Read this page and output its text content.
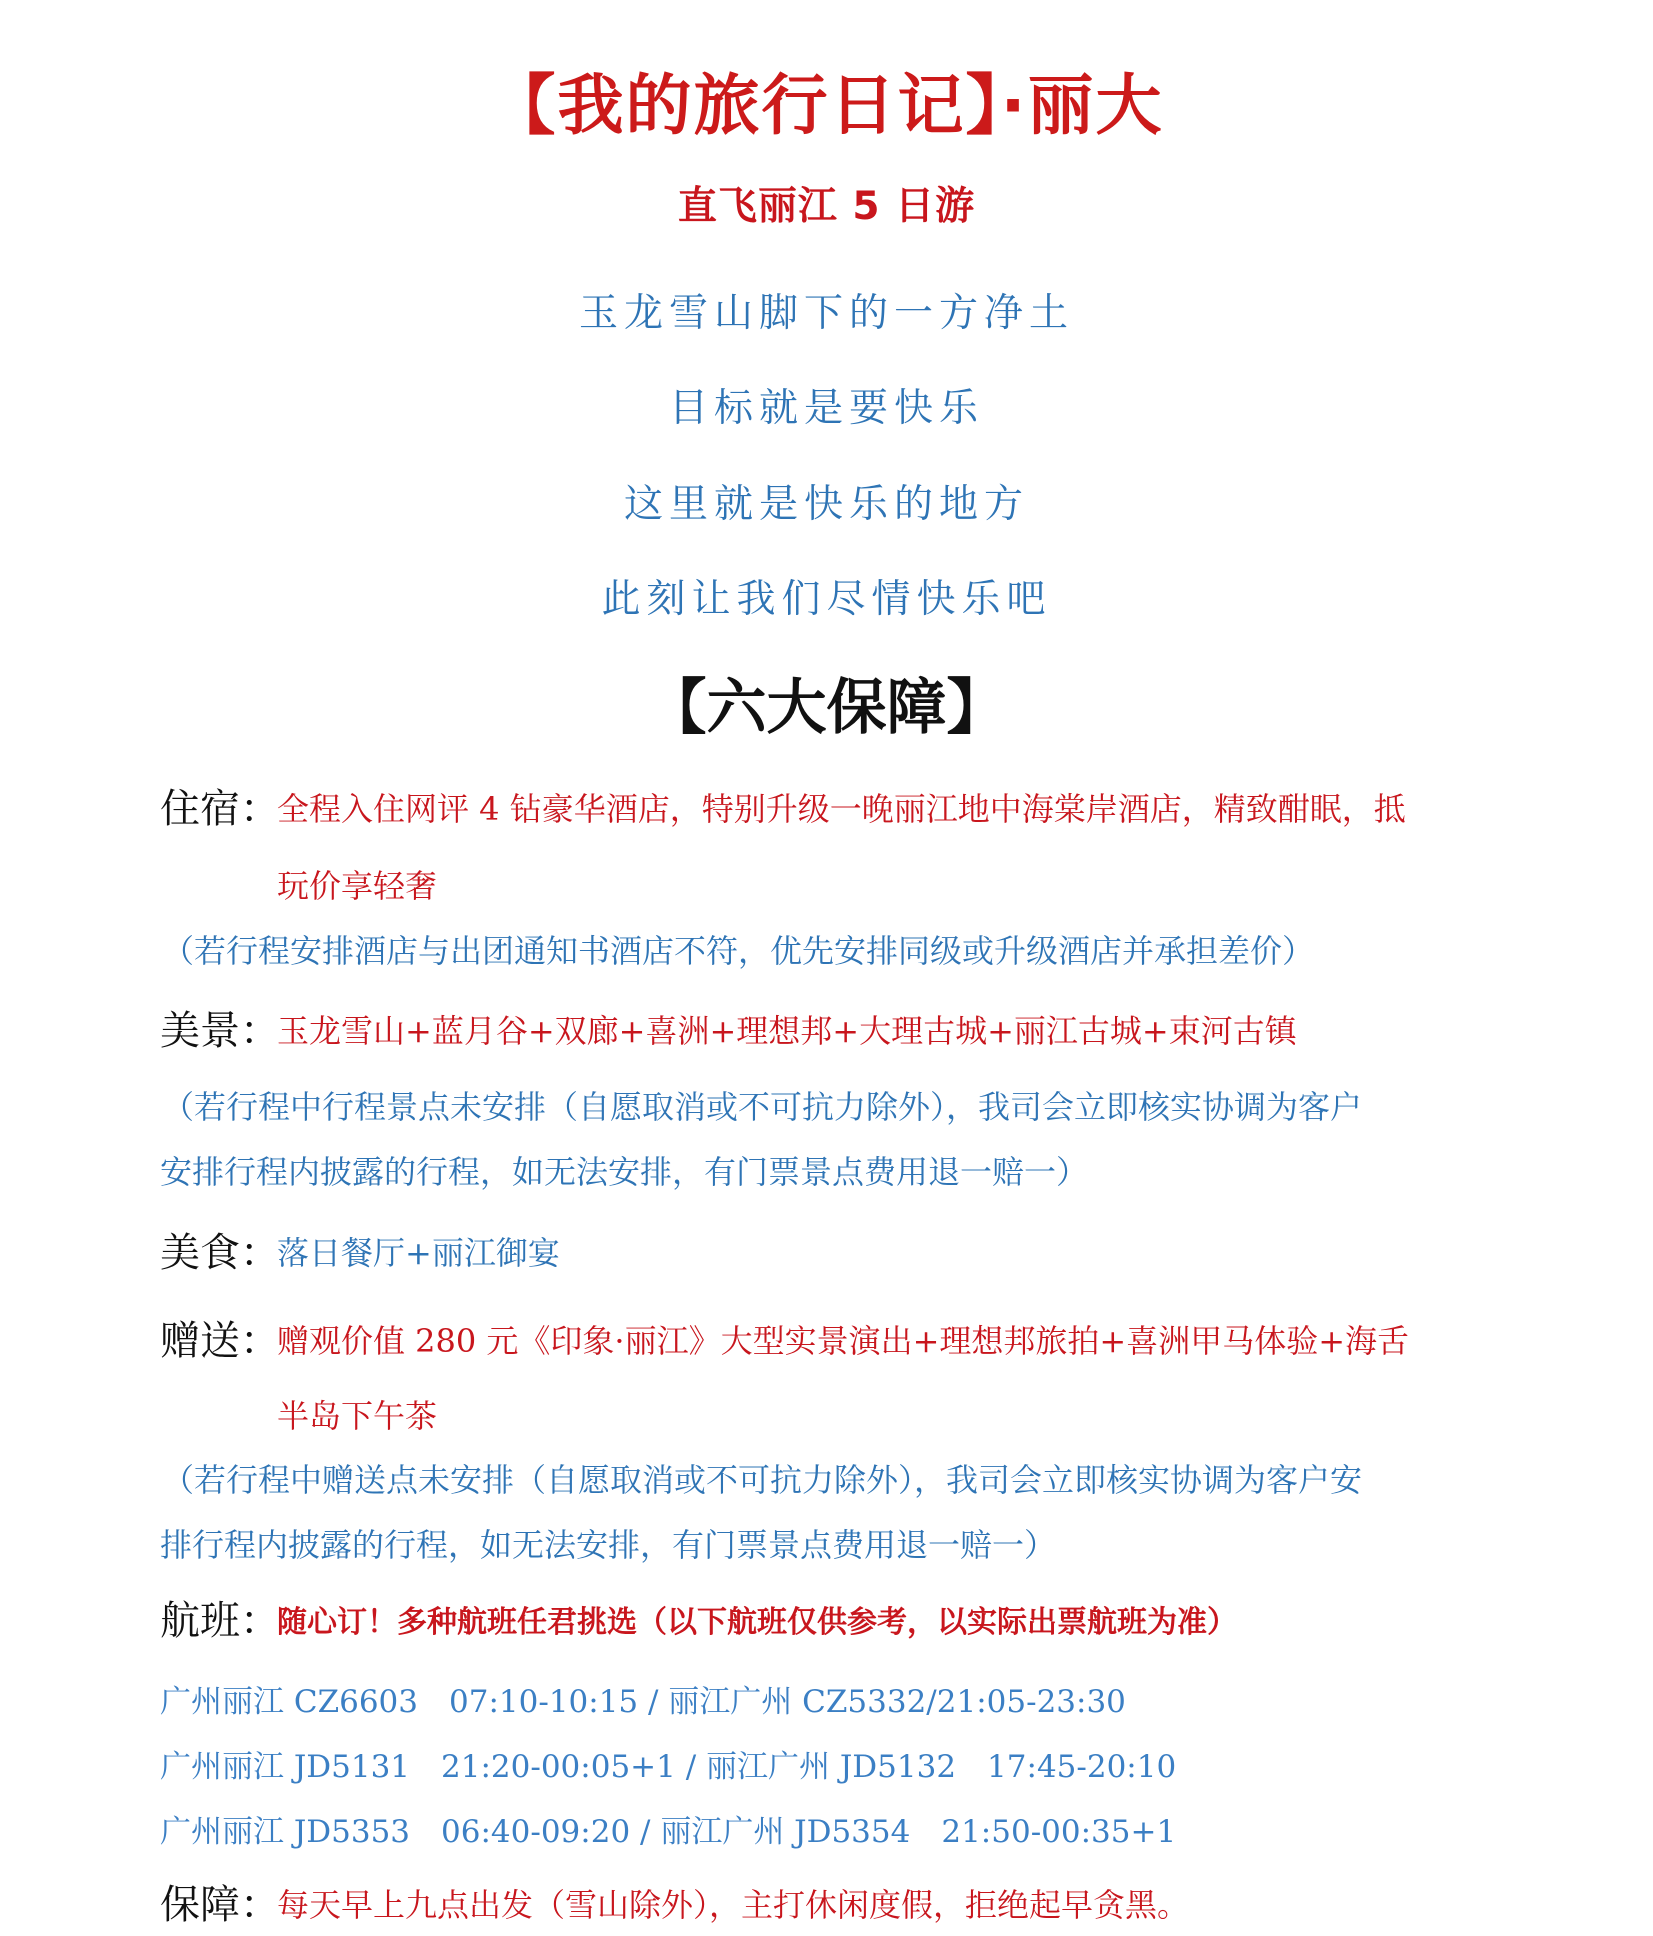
【我的旅行日记】·丽大
直飞丽江 5 日游
玉龙雪山脚下的一方净土
目标就是要快乐
这里就是快乐的地方
此刻让我们尽情快乐吧
【六大保障】
住宿：
全程入住网评 4 钻豪华酒店，特别升级一晚丽江地中海棠岸酒店，精致酣眠，抵
玩价享轻奢
（若行程安排酒店与出团通知书酒店不符，优先安排同级或升级酒店并承担差价）
美景：
玉龙雪山+蓝月谷+双廊+喜洲+理想邦+大理古城+丽江古城+束河古镇
（若行程中行程景点未安排（自愿取消或不可抗力除外），我司会立即核实协调为客户
安排行程内披露的行程，如无法安排，有门票景点费用退一赔一）
美食：
落日餐厅+丽江御宴
赠送：
赠观价值 280 元《印象·丽江》大型实景演出+理想邦旅拍+喜洲甲马体验+海舌
半岛下午茶
（若行程中赠送点未安排（自愿取消或不可抗力除外），我司会立即核实协调为客户安
排行程内披露的行程，如无法安排，有门票景点费用退一赔一）
航班：
随心订！多种航班任君挑选（以下航班仅供参考，以实际出票航班为准）
广州丽江 CZ6603　07:10-10:15 / 丽江广州 CZ5332/21:05-23:30
广州丽江 JD5131　21:20-00:05+1 / 丽江广州 JD5132　17:45-20:10
广州丽江 JD5353　06:40-09:20 / 丽江广州 JD5354　21:50-00:35+1
保障：
每天早上九点出发（雪山除外），主打休闲度假，拒绝起早贪黑。
